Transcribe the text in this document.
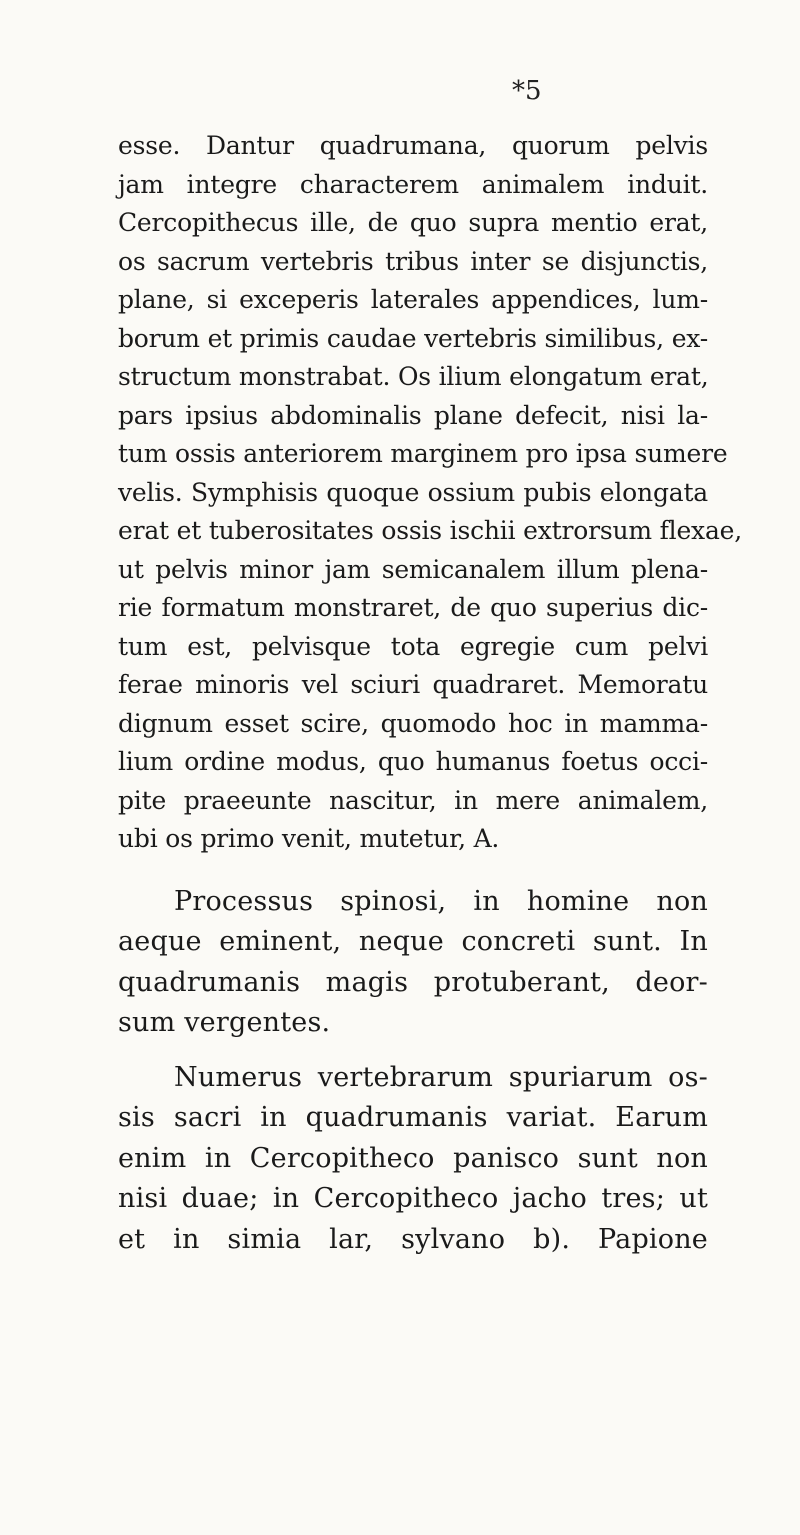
*5
esse. Dantur quadrumana, quorum pelvis
jam integre characterem animalem induit.
Cercopithecus ille, de quo supra mentio erat,
os sacrum vertebris tribus inter se disjunctis,
plane, si exceperis laterales appendices, lum-
borum et primis caudae vertebris similibus, ex-
structum monstrabat. Os ilium elongatum erat,
pars ipsius abdominalis plane defecit, nisi la-
tum ossis anteriorem marginem pro ipsa sumere
velis. Symphisis quoque ossium pubis elongata
erat et tuberositates ossis ischii extrorsum flexae,
ut pelvis minor jam semicanalem illum plena-
rie formatum monstraret, de quo superius dic-
tum est, pelvisque tota egregie cum pelvi
ferae minoris vel sciuri quadraret. Memoratu
dignum esset scire, quomodo hoc in mamma-
lium ordine modus, quo humanus foetus occi-
pite praeeunte nascitur, in mere animalem,
ubi os primo venit, mutetur, A.
Processus spinosi, in homine non
aeque eminent, neque concreti sunt. In
quadrumanis magis protuberant, deor-
sum vergentes.
Numerus vertebrarum spuriarum os-
sis sacri in quadrumanis variat. Earum
enim in Cercopitheco panisco sunt non
nisi duae; in Cercopitheco jacho tres; ut
et in simia lar, sylvano b). Papione
